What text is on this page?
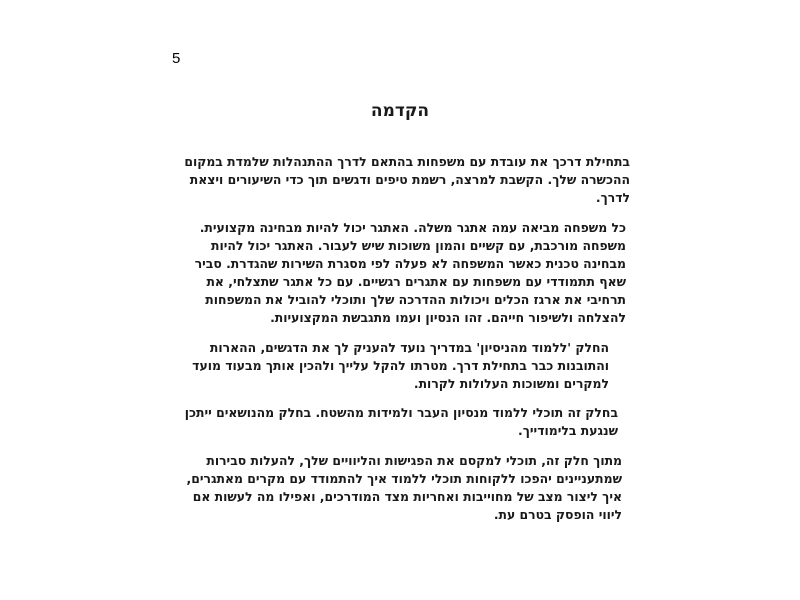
5
הקדמה
בתחילת דרכך את עובדת עם משפחות בהתאם לדרך ההתנהלות שלמדת במקום
ההכשרה שלך. הקשבת למרצה, רשמת טיפים ודגשים תוך כדי השיעורים ויצאת
לדרך.
כל משפחה מביאה עמה אתגר משלה. האתגר יכול להיות מבחינה מקצועית.
משפחה מורכבת, עם קשיים והמון משוכות שיש לעבור. האתגר יכול להיות
מבחינה טכנית כאשר המשפחה לא פעלה לפי מסגרת השירות שהגדרת. סביר
שאף תתמודדי עם משפחות עם אתגרים רגשיים. עם כל אתגר שתצלחי, את
תרחיבי את ארגז הכלים ויכולות ההדרכה שלך ותוכלי להוביל את המשפחות
להצלחה ולשיפור חייהם. זהו הנסיון ועמו מתגבשת המקצועיות.
החלק 'ללמוד מהניסיון' במדריך נועד להעניק לך את הדגשים, ההארות
והתובנות כבר בתחילת דרך. מטרתו להקל עלייך ולהכין אותך מבעוד מועד
למקרים ומשוכות העלולות לקרות.
בחלק זה תוכלי ללמוד מנסיון העבר ולמידות מהשטח. בחלק מהנושאים ייתכן
שנגעת בלימודייך.
מתוך חלק זה, תוכלי למקסם את הפגישות והליוויים שלך, להעלות סבירות
שמתעניינים יהפכו ללקוחות תוכלי ללמוד איך להתמודד עם מקרים מאתגרים,
איך ליצור מצב של מחוייבות ואחריות מצד המודרכים, ואפילו מה לעשות אם
ליווי הופסק בטרם עת.
